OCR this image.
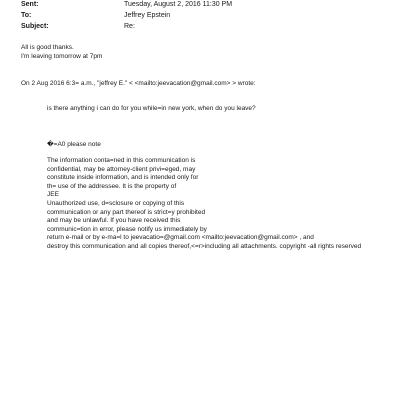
Sent:	Tuesday, August 2, 2016 11:30 PM
To:	Jeffrey Epstein
Subject:	Re:
All is good thanks.
I'm leaving tomorrow at 7pm
On 2 Aug 2016 6:3= a.m., "jeffrey E." < <mailto:jeevacation@gmail.com> > wrote:
is there anything i can do for you while=in new york, when do you leave?
�=A0 please note
The information conta=ned in this communication is
confidential, may be attorney-client privi=eged, may
constitute inside information, and is intended only for
th= use of the addressee. It is the property of
JEE
Unauthorized use, d=sclosure or copying of this
communication or any part thereof is strict=y prohibited
and may be unlawful. If you have received this
communic=tion in error, please notify us immediately by
return e-mail or by e-ma=l to jeevacatio=@gmail.com <mailto:jeevacation@gmail.com> , and
destroy this communication and all copies thereof,<=r>including all attachments. copyright -all rights reserved
